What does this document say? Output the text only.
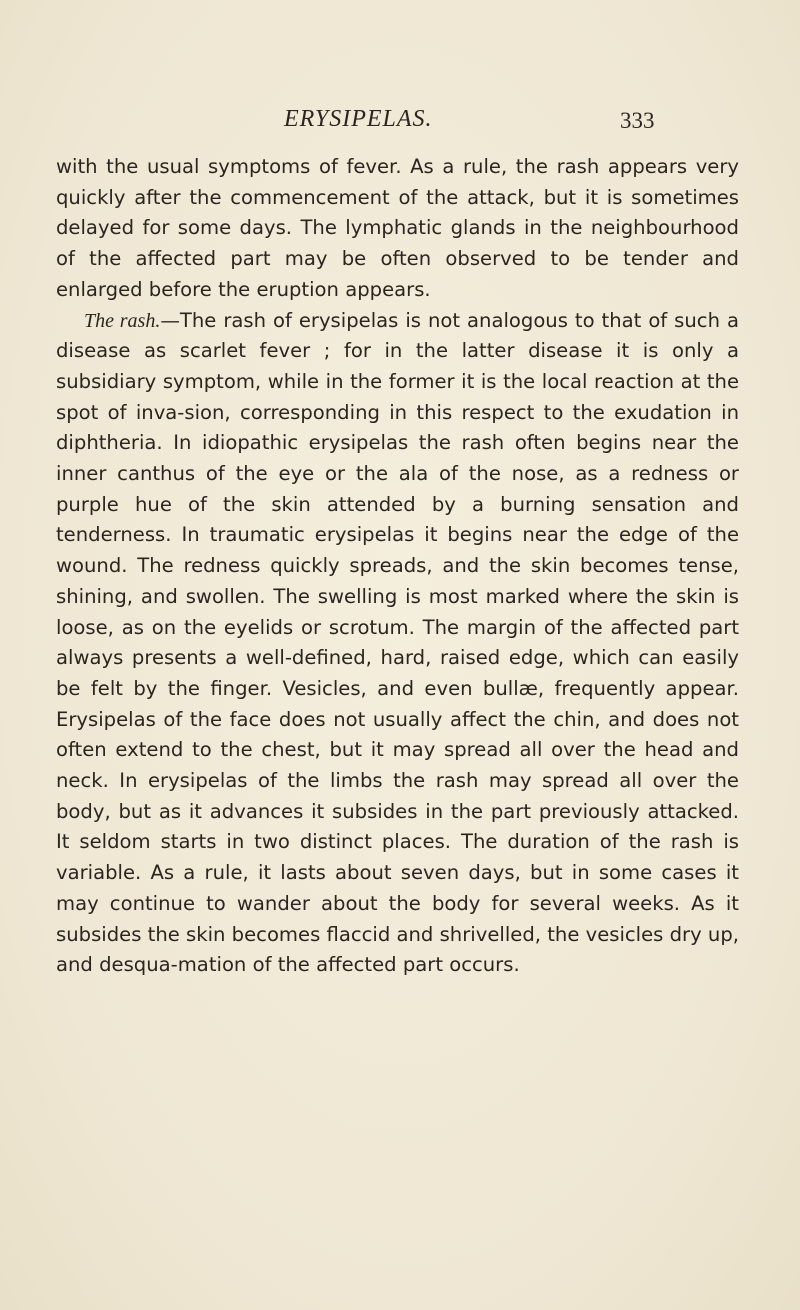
ERYSIPELAS.	333

with the usual symptoms of fever. As a rule, the rash appears very quickly after the commencement of the attack, but it is sometimes delayed for some days. The lymphatic glands in the neighbourhood of the affected part may be often observed to be tender and enlarged before the eruption appears.

The rash.—The rash of erysipelas is not analogous to that of such a disease as scarlet fever ; for in the latter disease it is only a subsidiary symptom, while in the former it is the local reaction at the spot of inva-sion, corresponding in this respect to the exudation in diphtheria. In idiopathic erysipelas the rash often begins near the inner canthus of the eye or the ala of the nose, as a redness or purple hue of the skin attended by a burning sensation and tenderness. In traumatic erysipelas it begins near the edge of the wound. The redness quickly spreads, and the skin becomes tense, shining, and swollen. The swelling is most marked where the skin is loose, as on the eyelids or scrotum. The margin of the affected part always presents a well-defined, hard, raised edge, which can easily be felt by the finger. Vesicles, and even bullæ, frequently appear. Erysipelas of the face does not usually affect the chin, and does not often extend to the chest, but it may spread all over the head and neck. In erysipelas of the limbs the rash may spread all over the body, but as it advances it subsides in the part previously attacked. It seldom starts in two distinct places. The duration of the rash is variable. As a rule, it lasts about seven days, but in some cases it may continue to wander about the body for several weeks. As it subsides the skin becomes flaccid and shrivelled, the vesicles dry up, and desqua-mation of the affected part occurs.
